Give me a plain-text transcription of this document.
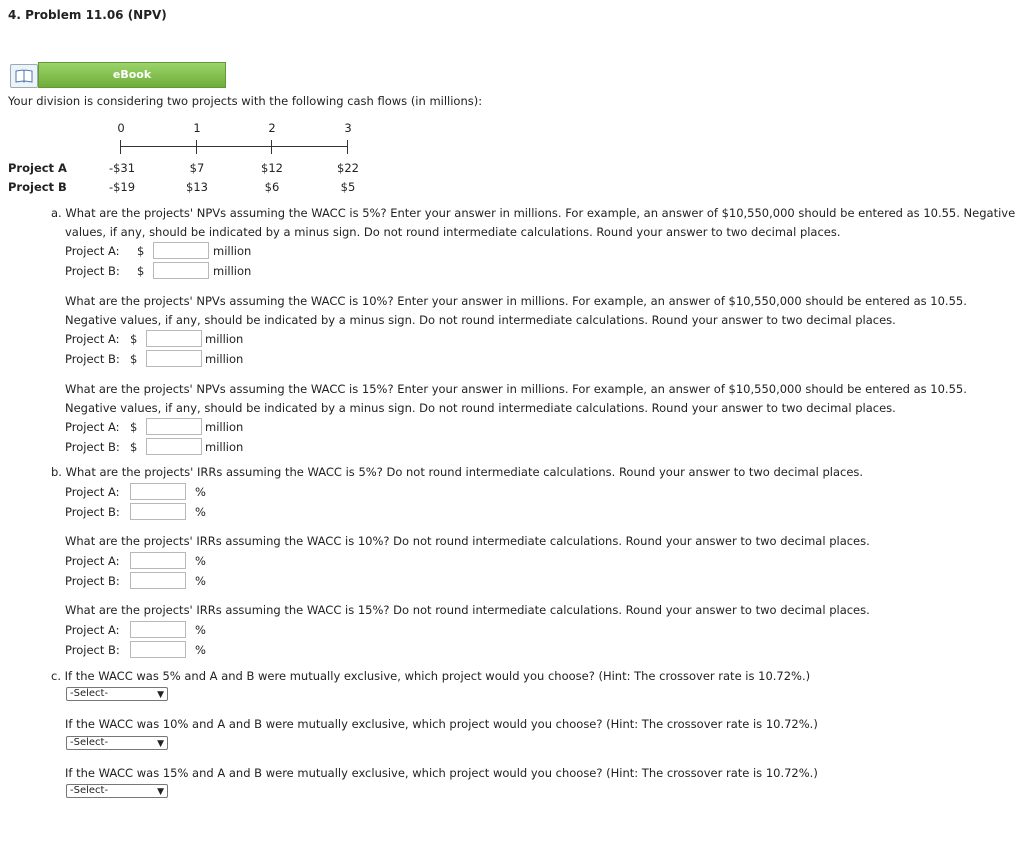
4. Problem 11.06 (NPV)
eBook
Your division is considering two projects with the following cash flows (in millions):
0	1	2	3
Project A	-$31	$7	$12	$22
Project B	-$19	$13	$6	$5
a. What are the projects' NPVs assuming the WACC is 5%? Enter your answer in millions. For example, an answer of $10,550,000 should be entered as 10.55. Negative
values, if any, should be indicated by a minus sign. Do not round intermediate calculations. Round your answer to two decimal places.
Project A: $	million
Project B: $	million
What are the projects' NPVs assuming the WACC is 10%? Enter your answer in millions. For example, an answer of $10,550,000 should be entered as 10.55.
Negative values, if any, should be indicated by a minus sign. Do not round intermediate calculations. Round your answer to two decimal places.
Project A: $	million
Project B: $	million
What are the projects' NPVs assuming the WACC is 15%? Enter your answer in millions. For example, an answer of $10,550,000 should be entered as 10.55.
Negative values, if any, should be indicated by a minus sign. Do not round intermediate calculations. Round your answer to two decimal places.
Project A: $	million
Project B: $	million
b. What are the projects' IRRs assuming the WACC is 5%? Do not round intermediate calculations. Round your answer to two decimal places.
Project A:	%
Project B:	%
What are the projects' IRRs assuming the WACC is 10%? Do not round intermediate calculations. Round your answer to two decimal places.
Project A:	%
Project B:	%
What are the projects' IRRs assuming the WACC is 15%? Do not round intermediate calculations. Round your answer to two decimal places.
Project A:	%
Project B:	%
c. If the WACC was 5% and A and B were mutually exclusive, which project would you choose? (Hint: The crossover rate is 10.72%.)
-Select-	▼
If the WACC was 10% and A and B were mutually exclusive, which project would you choose? (Hint: The crossover rate is 10.72%.)
-Select-	▼
If the WACC was 15% and A and B were mutually exclusive, which project would you choose? (Hint: The crossover rate is 10.72%.)
-Select-	▼
